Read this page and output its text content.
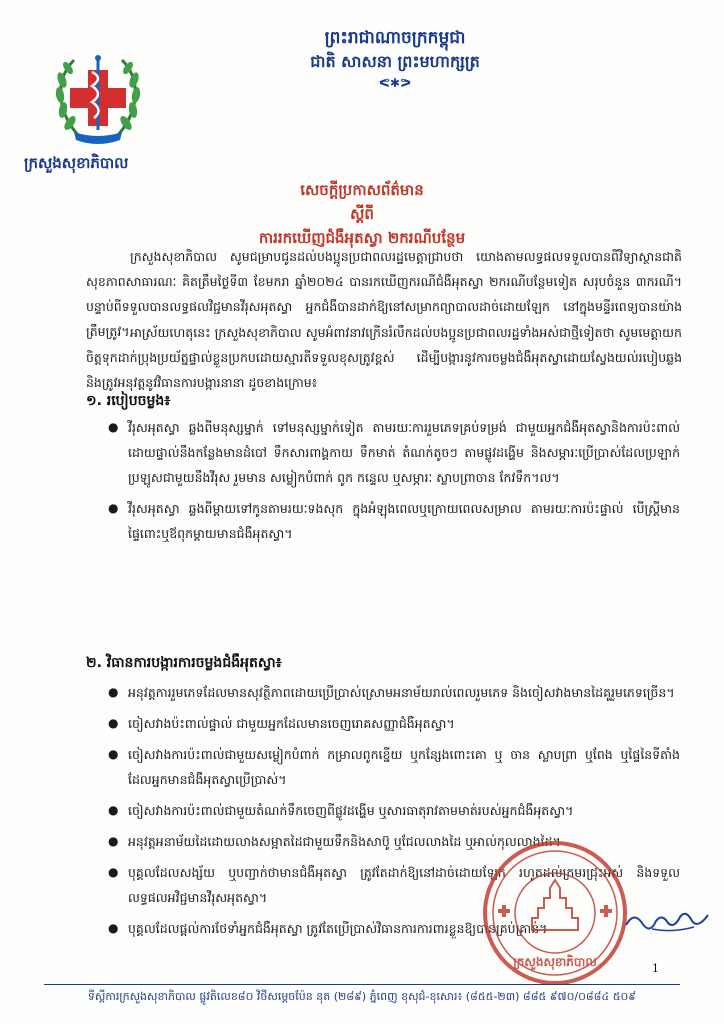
ក្រសួងសុខាភិបាល
ព្រះរាជាណាចក្រកម្ពុជា
ជាតិ សាសនា ព្រះមហាក្សត្រ
ᕙ✱ᕗ
សេចក្តីប្រកាសព័ត៌មាន
ស្តីពី
ការរកឃើញជំងឺអុតស្វា ២ករណីបន្ថែម
ក្រសួងសុខាភិបាល សូមជម្រាបជូនដល់បងប្អូនប្រជាពលរដ្ឋមេត្តាជ្រាបថា យោងតាមលទ្ធផលទទួលបានពីវិទ្យាស្ថានជាតិសុខភាពសាធារណៈ គិតត្រឹមថ្ងៃទី៣ ខែមករា ឆ្នាំ២០២៤ បានរកឃើញករណីជំងឺអុតស្វា ២ករណីបន្ថែមទៀត សរុបចំនួន ៣ករណី។ បន្ទាប់ពីទទួលបានលទ្ធផលវិជ្ជមានវីរុសអុតស្វា អ្នកជំងឺបានដាក់ឱ្យនៅសម្រាកព្យាបាលដាច់ដោយឡែក នៅក្នុងមន្ទីរពេទ្យបានយ៉ាងត្រឹមត្រូវ។ អាស្រ័យហេតុនេះ ក្រសួងសុខាភិបាល សូមអំពាវនាវក្រើនរំលឹកដល់បងប្អូនប្រជាពលរដ្ឋទាំងអស់ជាថ្មីទៀតថា សូមមេត្តាយកចិត្តទុកដាក់ប្រុងប្រយ័ត្នផ្ទាល់ខ្លួនប្រកបដោយស្មារតីទទួលខុសត្រូវខ្ពស់ ដើម្បីបង្ការនូវការចម្លងជំងឺអុតស្វាដោយស្វែងយល់របៀបឆ្លង និងត្រូវអនុវត្តនូវវិធានការបង្ការនានា ដូចខាងក្រោម៖
១. របៀបចម្លង៖
● វីរុសអុតស្វា ឆ្លងពីមនុស្សម្នាក់ ទៅមនុស្សម្នាក់ទៀត តាមរយៈការរួមភេទគ្រប់ទម្រង់ ជាមួយអ្នកជំងឺអុតស្វានិងការប៉ះពាល់ដោយផ្ទាល់នឹងកន្លែងមានដំបៅ ទឹកសារពាង្គកាយ ទឹកមាត់ តំណក់តូចៗ តាមផ្លូវដង្ហើម និងសម្ភារៈប្រើប្រាស់ដែលប្រឡាក់ប្រឡូសជាមួយនឹងវីរុស រួមមាន សម្លៀកបំពាក់ ពូក កន្ទេល ឬសម្ភារៈ ស្លាបព្រាចាន កែវទឹក។ល។
● វីរុសអុតស្វា ឆ្លងពីម្តាយទៅកូនតាមរយៈទងសុក ក្នុងអំឡុងពេលឬក្រោយពេលសម្រាល តាមរយៈការប៉ះផ្ទាល់ បើស្ត្រីមានផ្ទៃពោះឬឪពុកម្តាយមានជំងឺអុតស្វា។
២. វិធានការបង្ការការចម្លងជំងឺអុតស្វា៖
● អនុវត្តការរួមភេទដែលមានសុវត្ថិភាពដោយប្រើប្រាស់ស្រោមអនាម័យរាល់ពេលរួមភេទ និងចៀសវាងមានដៃគូរួមភេទច្រើន។
● ចៀសវាងប៉ះពាល់ផ្ទាល់ ជាមួយអ្នកដែលមានចេញរោគសញ្ញាជំងឺអុតស្វា។
● ចៀសវាងការប៉ះពាល់ជាមួយសម្លៀកបំពាក់ កម្រាលពូកខ្នើយ ឬកន្សែងពោះគោ ឬ ចាន ស្លាបព្រា ឬពែង ឬផ្ទៃនៃទីតាំង ដែលអ្នកមានជំងឺអុតស្វាប្រើប្រាស់។
● ចៀសវាងការប៉ះពាល់ជាមួយតំណក់ទឹកចេញពីផ្លូវដង្ហើម ឬសារធាតុរាវតាមមាត់របស់អ្នកជំងឺអុតស្វា។
● អនុវត្តអនាម័យដៃដោយលាងសម្អាតដៃជាមួយទឹកនិងសាប៊ូ ឬជែលលាងដៃ ឬអាល់កុលលាងដៃ។
● បុគ្គលដែលសង្ស័យ ឬបញ្ជាក់ថាមានជំងឺអុតស្វា ត្រូវតែដាក់ឱ្យនៅដាច់ដោយឡែក រហូតដល់ក្រមរជ្រុះអស់ និងទទួលលទ្ធផលអវិជ្ជមានវីរុសអុតស្វា។
● បុគ្គលដែលផ្តល់ការថែទាំអ្នកជំងឺអុតស្វា ត្រូវតែប្រើប្រាស់វិធានការការពារខ្លួនឱ្យបានគ្រប់គ្រាន់។
ក្រសួងសុខាភិបាល	1
ទីស្តីការក្រសួងសុខាភិបាល ផ្លូវតិលេខ៨០ វិថីសម្តេចប៉ែន នុត (២៨៩) ភ្នំពេញ ខុសុជ៌-ខុសោរ៖ (៨៥៥-២៣) ៨៨៥ ៩៧០/០៨៨៤ ៥០៩
